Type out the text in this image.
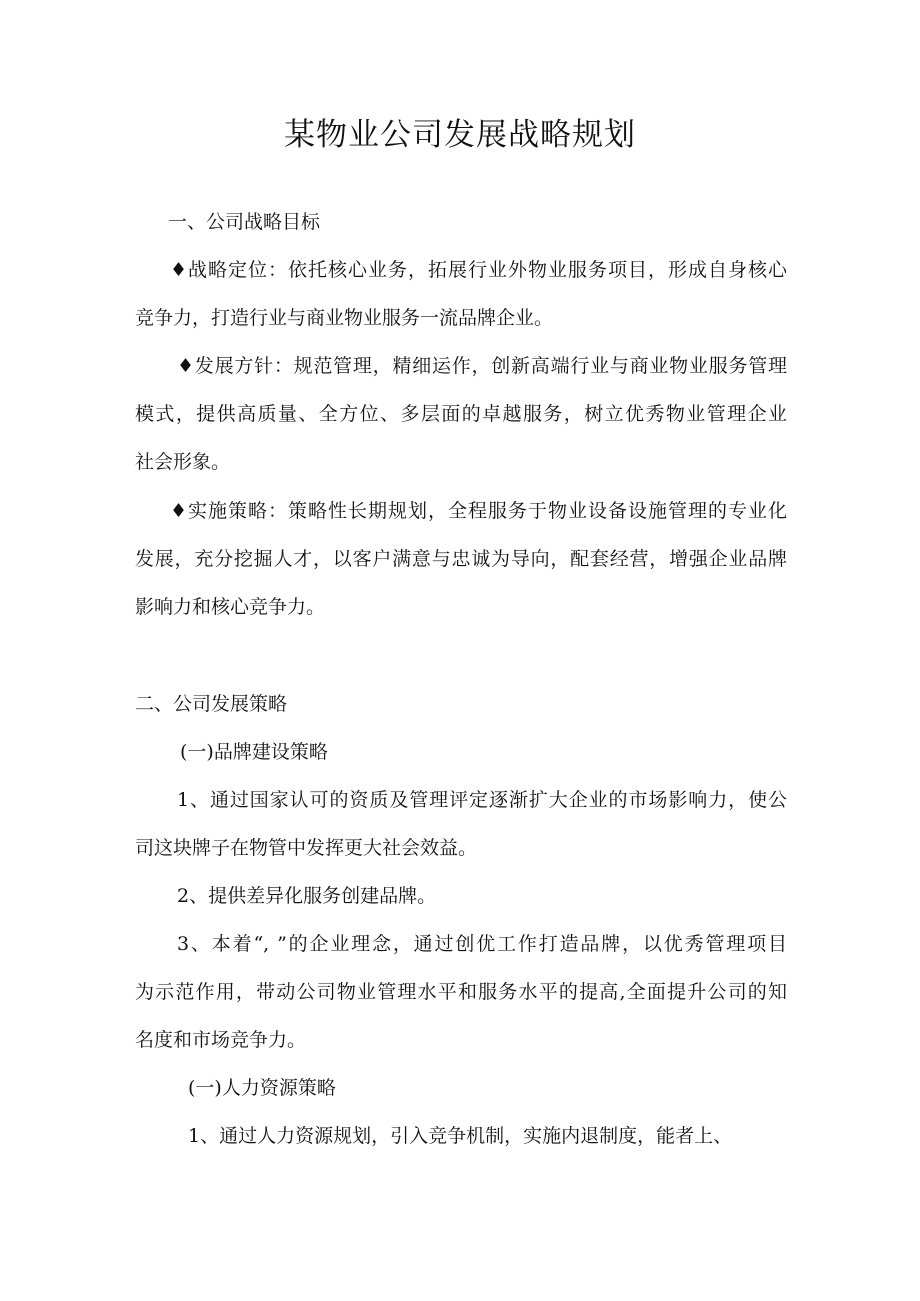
某物业公司发展战略规划

一、公司战略目标

♦战略定位：依托核心业务，拓展行业外物业服务项目，形成自身核心
竞争力，打造行业与商业物业服务一流品牌企业。

♦发展方针：规范管理，精细运作，创新高端行业与商业物业服务管理
模式，提供高质量、全方位、多层面的卓越服务，树立优秀物业管理企业
社会形象。

♦实施策略：策略性长期规划，全程服务于物业设备设施管理的专业化
发展，充分挖掘人才，以客户满意与忠诚为导向，配套经营，增强企业品牌
影响力和核心竞争力。

二、公司发展策略

(一)品牌建设策略

1、通过国家认可的资质及管理评定逐渐扩大企业的市场影响力，使公
司这块牌子在物管中发挥更大社会效益。

2、提供差异化服务创建品牌。

3、本着“, ”的企业理念，通过创优工作打造品牌，以优秀管理项目
为示范作用，带动公司物业管理水平和服务水平的提高,全面提升公司的知
名度和市场竞争力。

(一)人力资源策略

1、通过人力资源规划，引入竞争机制，实施内退制度，能者上、
